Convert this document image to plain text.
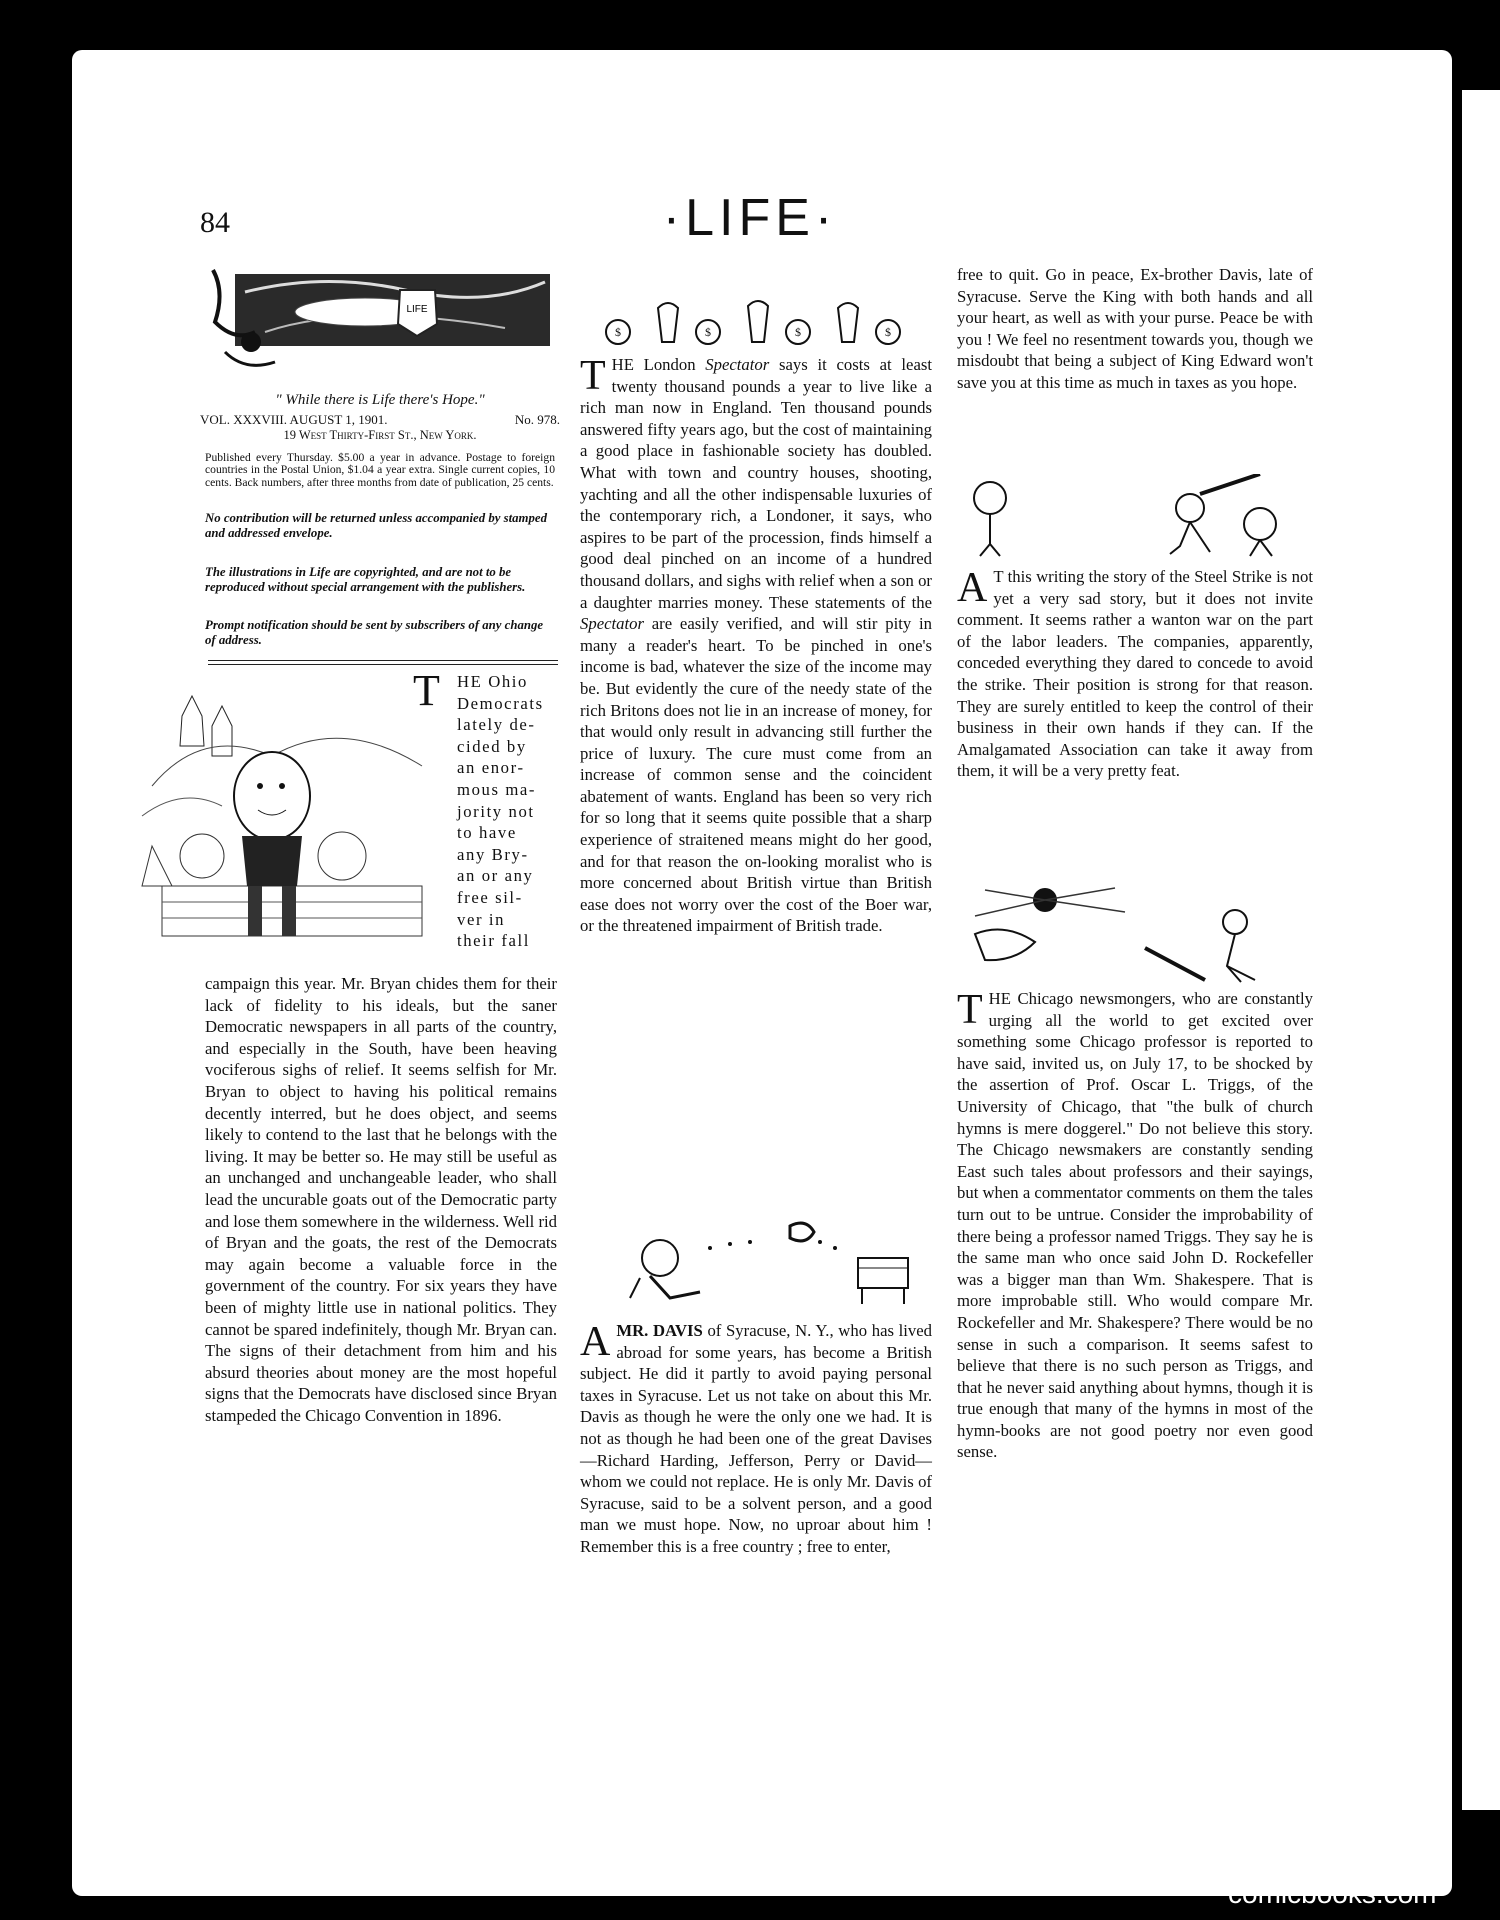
84	·LIFE·
LIFE
" While there is Life there's Hope."
VOL. XXXVIII. AUGUST 1, 1901.	No. 978.
19 West Thirty-First St., New York.
Published every Thursday. $5.00 a year in advance. Postage to foreign countries in the Postal Union, $1.04 a year extra. Single current copies, 10 cents. Back numbers, after three months from date of publication, 25 cents.
No contribution will be returned unless accompanied by stamped and addressed envelope.
The illustrations in Life are copyrighted, and are not to be reproduced without special arrangement with the publishers.
Prompt notification should be sent by subscribers of any change of address.
T HE Ohio
Democrats
lately de-
cided by
an enor-
mous ma-
jority not
to have
any Bry-
an or any
free sil-
ver in
their fall

campaign this year. Mr. Bryan chides them for their lack of fidelity to his ideals, but the saner Democratic newspapers in all parts of the country, and especially in the South, have been heaving vociferous sighs of relief. It seems selfish for Mr. Bryan to object to having his political remains decently interred, but he does object, and seems likely to contend to the last that he belongs with the living. It may be better so. He may still be useful as an unchanged and unchangeable leader, who shall lead the uncurable goats out of the Democratic party and lose them somewhere in the wilderness. Well rid of Bryan and the goats, the rest of the Democrats may again become a valuable force in the government of the country. For six years they have been of mighty little use in national politics. They cannot be spared indefinitely, though Mr. Bryan can. The signs of their detachment from him and his absurd theories about money are the most hopeful signs that the Democrats have disclosed since Bryan stampeded the Chicago Convention in 1896.

$	$	$	$

THE London Spectator says it costs at least twenty thousand pounds a year to live like a rich man now in England. Ten thousand pounds answered fifty years ago, but the cost of maintaining a good place in fashionable society has doubled. What with town and country houses, shooting, yachting and all the other indispensable luxuries of the contemporary rich, a Londoner, it says, who aspires to be part of the procession, finds himself a good deal pinched on an income of a hundred thousand dollars, and sighs with relief when a son or a daughter marries money. These statements of the Spectator are easily verified, and will stir pity in many a reader's heart. To be pinched in one's income is bad, whatever the size of the income may be. But evidently the cure of the needy state of the rich Britons does not lie in an increase of money, for that would only result in advancing still further the price of luxury. The cure must come from an increase of common sense and the coincident abatement of wants. England has been so very rich for so long that it seems quite possible that a sharp experience of straitened means might do her good, and for that reason the on-looking moralist who is more concerned about British virtue than British ease does not worry over the cost of the Boer war, or the threatened impairment of British trade.

AMR. DAVIS of Syracuse, N. Y., who has lived abroad for some years, has become a British subject. He did it partly to avoid paying personal taxes in Syracuse. Let us not take on about this Mr. Davis as though he were the only one we had. It is not as though he had been one of the great Davises—Richard Harding, Jefferson, Perry or David—whom we could not replace. He is only Mr. Davis of Syracuse, said to be a solvent person, and a good man we must hope. Now, no uproar about him ! Remember this is a free country ; free to enter,

free to quit. Go in peace, Ex-brother Davis, late of Syracuse. Serve the King with both hands and all your heart, as well as with your purse. Peace be with you ! We feel no resentment towards you, though we misdoubt that being a subject of King Edward won't save you at this time as much in taxes as you hope.

A T this writing the story of the Steel Strike is not yet a very sad story, but it does not invite comment. It seems rather a wanton war on the part of the labor leaders. The companies, apparently, conceded everything they dared to concede to avoid the strike. Their position is strong for that reason. They are surely entitled to keep the control of their business in their own hands if they can. If the Amalgamated Association can take it away from them, it will be a very pretty feat.

THE Chicago newsmongers, who are constantly urging all the world to get excited over something some Chicago professor is reported to have said, invited us, on July 17, to be shocked by the assertion of Prof. Oscar L. Triggs, of the University of Chicago, that "the bulk of church hymns is mere doggerel." Do not believe this story. The Chicago newsmakers are constantly sending East such tales about professors and their sayings, but when a commentator comments on them the tales turn out to be untrue. Consider the improbability of there being a professor named Triggs. They say he is the same man who once said John D. Rockefeller was a bigger man than Wm. Shakespere. That is more improbable still. Who would compare Mr. Rockefeller and Mr. Shakespere? There would be no sense in such a comparison. It seems safest to believe that there is no such person as Triggs, and that he never said anything about hymns, though it is true enough that many of the hymns in most of the hymn-books are not good poetry nor even good sense.

comicbooks.com
